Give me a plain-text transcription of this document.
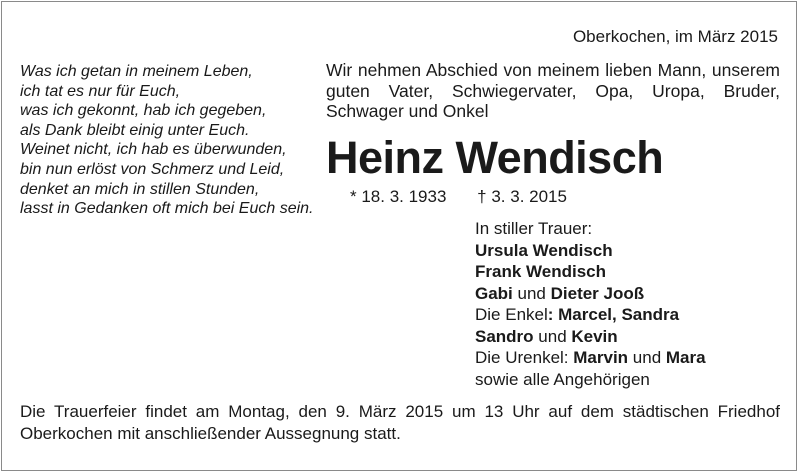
Oberkochen, im März 2015
Was ich getan in meinem Leben,
ich tat es nur für Euch,
was ich gekonnt, hab ich gegeben,
als Dank bleibt einig unter Euch.
Weinet nicht, ich hab es überwunden,
bin nun erlöst von Schmerz und Leid,
denket an mich in stillen Stunden,
lasst in Gedanken oft mich bei Euch sein.
Wir nehmen Abschied von meinem lieben Mann, unserem
guten Vater, Schwiegervater, Opa, Uropa, Bruder,
Schwager und Onkel
Heinz Wendisch
* 18. 3. 1933 † 3. 3. 2015
In stiller Trauer:
Ursula Wendisch
Frank Wendisch
Gabi und Dieter Jooß
Die Enkel: Marcel, Sandra
Sandro und Kevin
Die Urenkel: Marvin und Mara
sowie alle Angehörigen
Die Trauerfeier findet am Montag, den 9. März 2015 um 13 Uhr auf dem städtischen Friedhof
Oberkochen mit anschließender Aussegnung statt.
